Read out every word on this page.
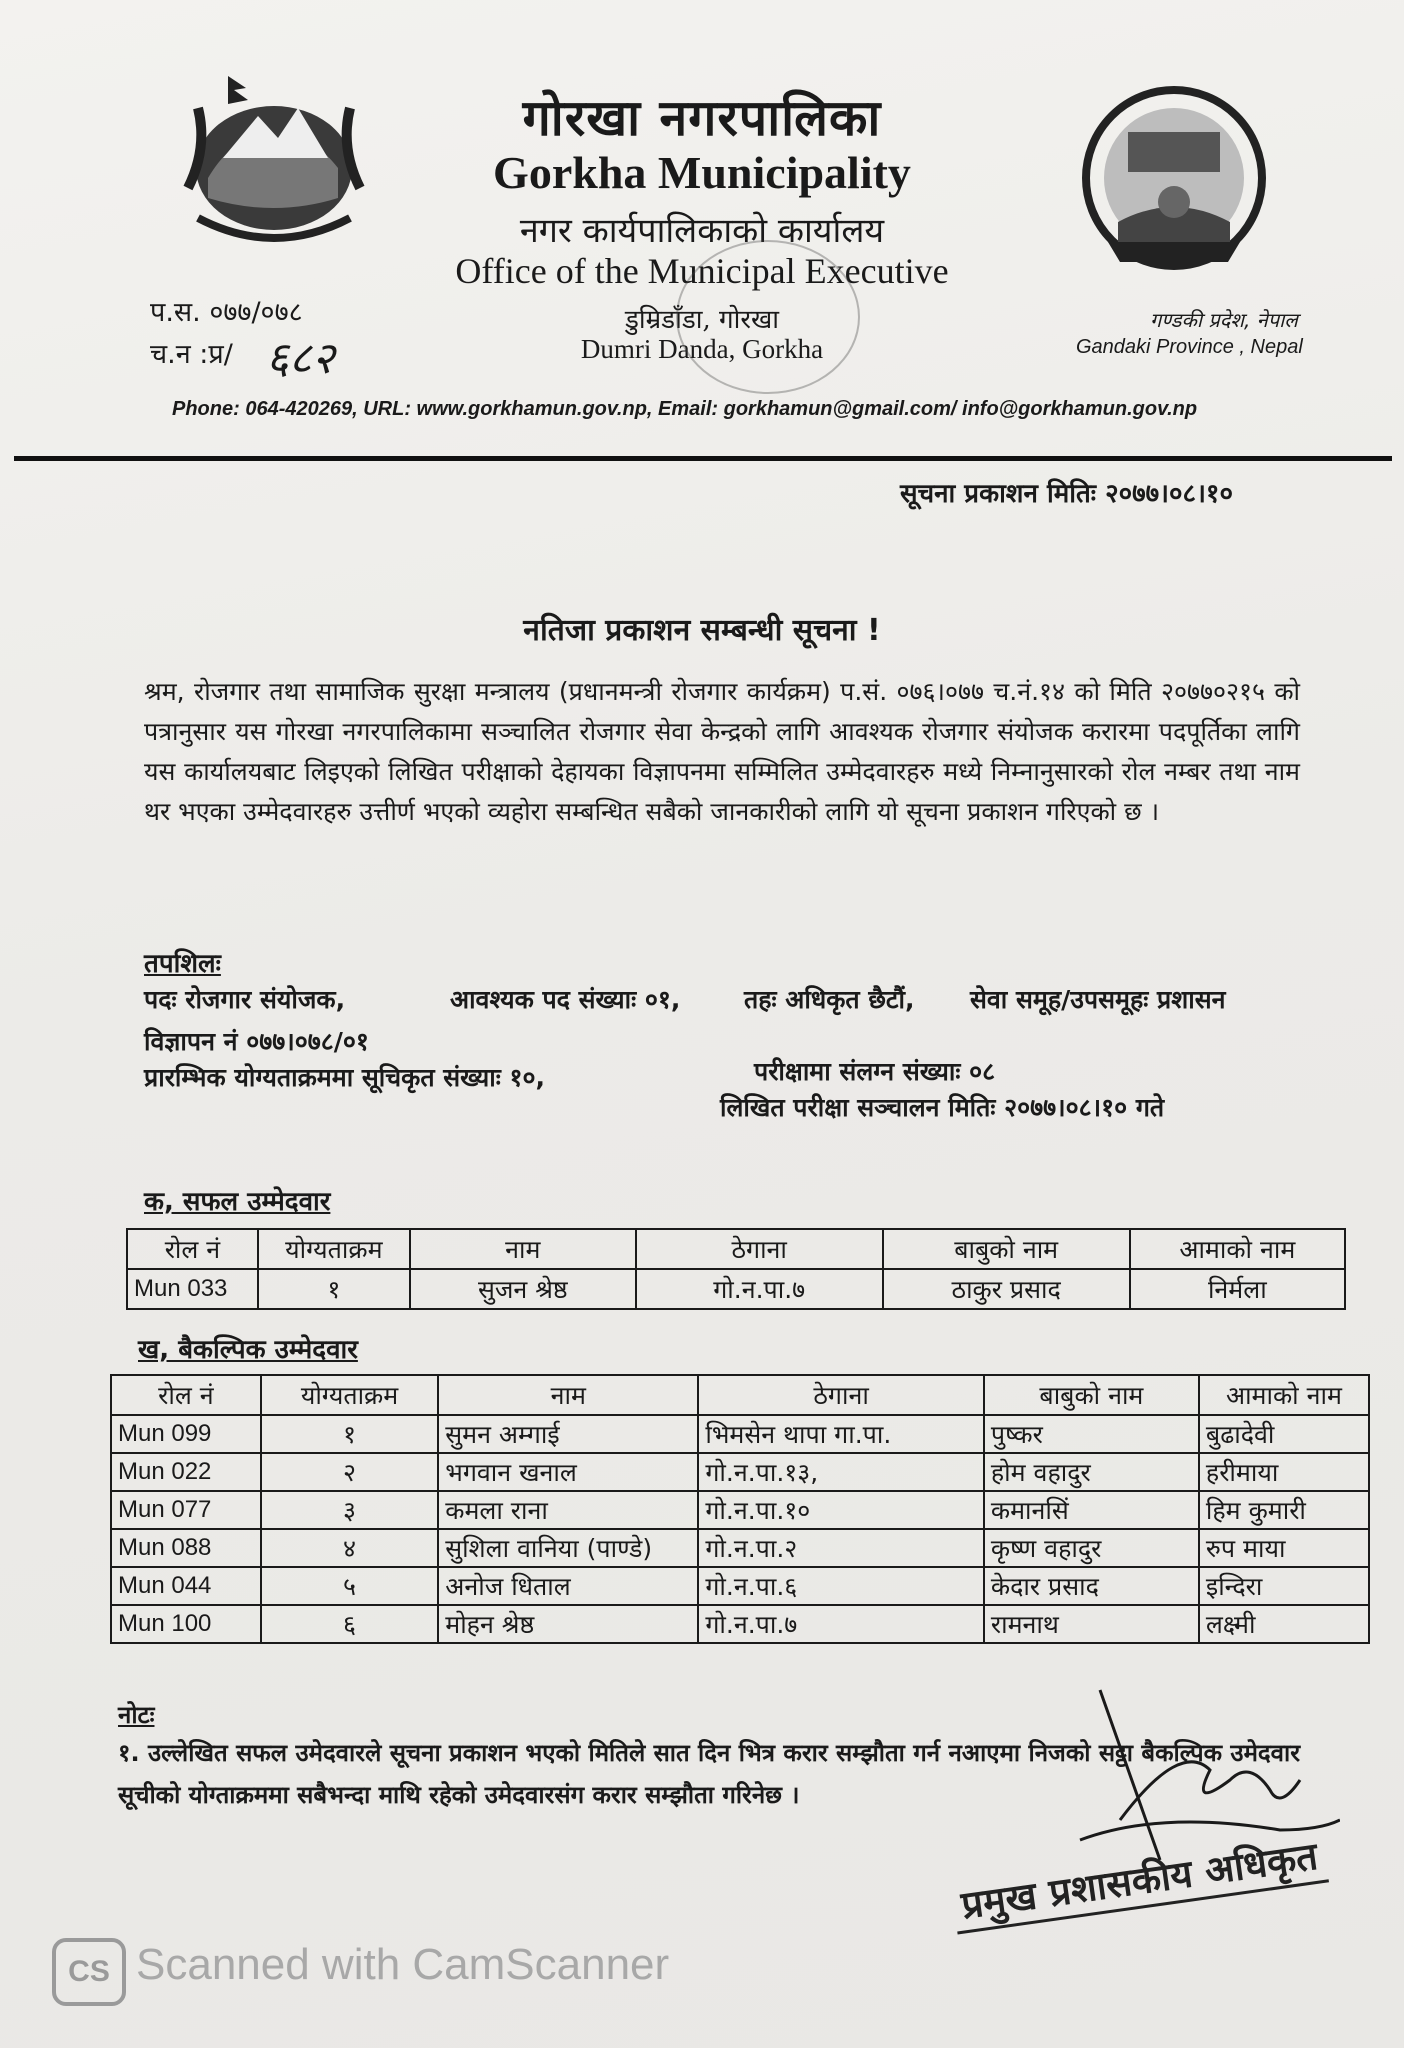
गोरखा नगरपालिका
Gorkha Municipality
नगर कार्यपालिकाको कार्यालय
Office of the Municipal Executive
डुम्रिडाँडा, गोरखा
Dumri Danda, Gorkha
प.स. ०७७/०७८
च.न :प्र/ ६८२
गण्डकी प्रदेश, नेपाल
Gandaki Province , Nepal
Phone: 064-420269, URL: www.gorkhamun.gov.np, Email: gorkhamun@gmail.com/ info@gorkhamun.gov.np
सूचना प्रकाशन मितिः २०७७।०८।१०
नतिजा प्रकाशन सम्बन्धी सूचना !
श्रम, रोजगार तथा सामाजिक सुरक्षा मन्त्रालय (प्रधानमन्त्री रोजगार कार्यक्रम) प.सं. ०७६।०७७ च.नं.१४ को मिति २०७७०२१५ को पत्रानुसार यस गोरखा नगरपालिकामा सञ्चालित रोजगार सेवा केन्द्रको लागि आवश्यक रोजगार संयोजक करारमा पदपूर्तिका लागि यस कार्यालयबाट लिइएको लिखित परीक्षाको देहायका विज्ञापनमा सम्मिलित उम्मेदवारहरु मध्ये निम्नानुसारको रोल नम्बर तथा नाम थर भएका उम्मेदवारहरु उत्तीर्ण भएको व्यहोरा सम्बन्धित सबैको जानकारीको लागि यो सूचना प्रकाशन गरिएको छ ।
तपशिलः
पदः रोजगार संयोजक,	आवश्यक पद संख्याः ०१,	तहः अधिकृत छैटौं, सेवा समूह/उपसमूहः प्रशासन
विज्ञापन नं ०७७।०७८/०१
प्रारम्भिक योग्यताक्रममा सूचिकृत संख्याः १०,	परीक्षामा संलग्न संख्याः ०८
लिखित परीक्षा सञ्चालन मितिः २०७७।०८।१० गते
क, सफल उम्मेदवार
रोल नं	योग्यताक्रम	नाम	ठेगाना	बाबुको नाम	आमाको नाम
Mun 033	१	सुजन श्रेष्ठ	गो.न.पा.७	ठाकुर प्रसाद	निर्मला
ख, बैकल्पिक उम्मेदवार
रोल नं	योग्यताक्रम	नाम	ठेगाना	बाबुको नाम	आमाको नाम
Mun 099	१	सुमन अम्गाई	भिमसेन थापा गा.पा.	पुष्कर	बुढादेवी
Mun 022	२	भगवान खनाल	गो.न.पा.१३,	होम वहादुर	हरीमाया
Mun 077	३	कमला राना	गो.न.पा.१०	कमानसिं	हिम कुमारी
Mun 088	४	सुशिला वानिया (पाण्डे)	गो.न.पा.२	कृष्ण वहादुर	रुप माया
Mun 044	५	अनोज धिताल	गो.न.पा.६	केदार प्रसाद	इन्दिरा
Mun 100	६	मोहन श्रेष्ठ	गो.न.पा.७	रामनाथ	लक्ष्मी
नोटः
१. उल्लेखित सफल उमेदवारले सूचना प्रकाशन भएको मितिले सात दिन भित्र करार सम्झौता गर्न नआएमा निजको सट्टा बैकल्पिक उमेदवार सूचीको योग्ताक्रममा सबैभन्दा माथि रहेको उमेदवारसंग करार सम्झौता गरिनेछ ।
प्रमुख प्रशासकीय अधिकृत
CS Scanned with CamScanner
